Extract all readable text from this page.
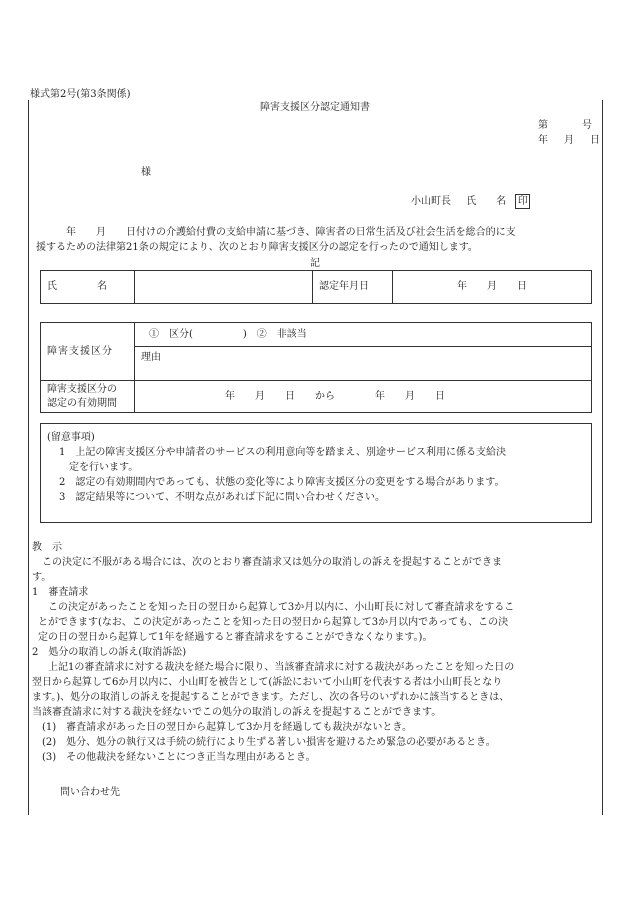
様式第2号(第3条関係)
障害支援区分認定通知書
第　　　号
年　月　日
様
小山町長 氏　　名 印

　　年　　月　　日付けの介護給付費の支給申請に基づき、障害者の日常生活及び社会生活を総合的に支

援するための法律第21条の規定により、次のとおり障害支援区分の認定を行ったので通知します。

記
氏　　　　名		認定年月日	年　　月　　日
障害支援区分	①　区分(　　　　　)　②　非該当
	理由

障害支援区分の
認定の有効期間	年　　月　　日　　から　　　　年　　月　　日

(留意事項)

1　上記の障害支援区分や申請者のサービスの利用意向等を踏まえ、別途サービス利用に係る支給決

　定を行います。

2　認定の有効期間内であっても、状態の変化等により障害支援区分の変更をする場合があります。

3　認定結果等について、不明な点があれば下記に問い合わせください。

教　示

　この決定に不服がある場合には、次のとおり審査請求又は処分の取消しの訴えを提起することができま

す。

1　審査請求

　この決定があったことを知った日の翌日から起算して3か月以内に、小山町長に対して審査請求をするこ

とができます(なお、この決定があったことを知った日の翌日から起算して3か月以内であっても、この決

定の日の翌日から起算して1年を経過すると審査請求をすることができなくなります。)。

2　処分の取消しの訴え(取消訴訟)

　上記1の審査請求に対する裁決を経た場合に限り、当該審査請求に対する裁決があったことを知った日の

翌日から起算して6か月以内に、小山町を被告として(訴訟において小山町を代表する者は小山町長となり

ます。)、処分の取消しの訴えを提起することができます。ただし、次の各号のいずれかに該当するときは、

当該審査請求に対する裁決を経ないでこの処分の取消しの訴えを提起することができます。

(1)　審査請求があった日の翌日から起算して3か月を経過しても裁決がないとき。

(2)　処分、処分の執行又は手続の続行により生ずる著しい損害を避けるため緊急の必要があるとき。

(3)　その他裁決を経ないことにつき正当な理由があるとき。

問い合わせ先
